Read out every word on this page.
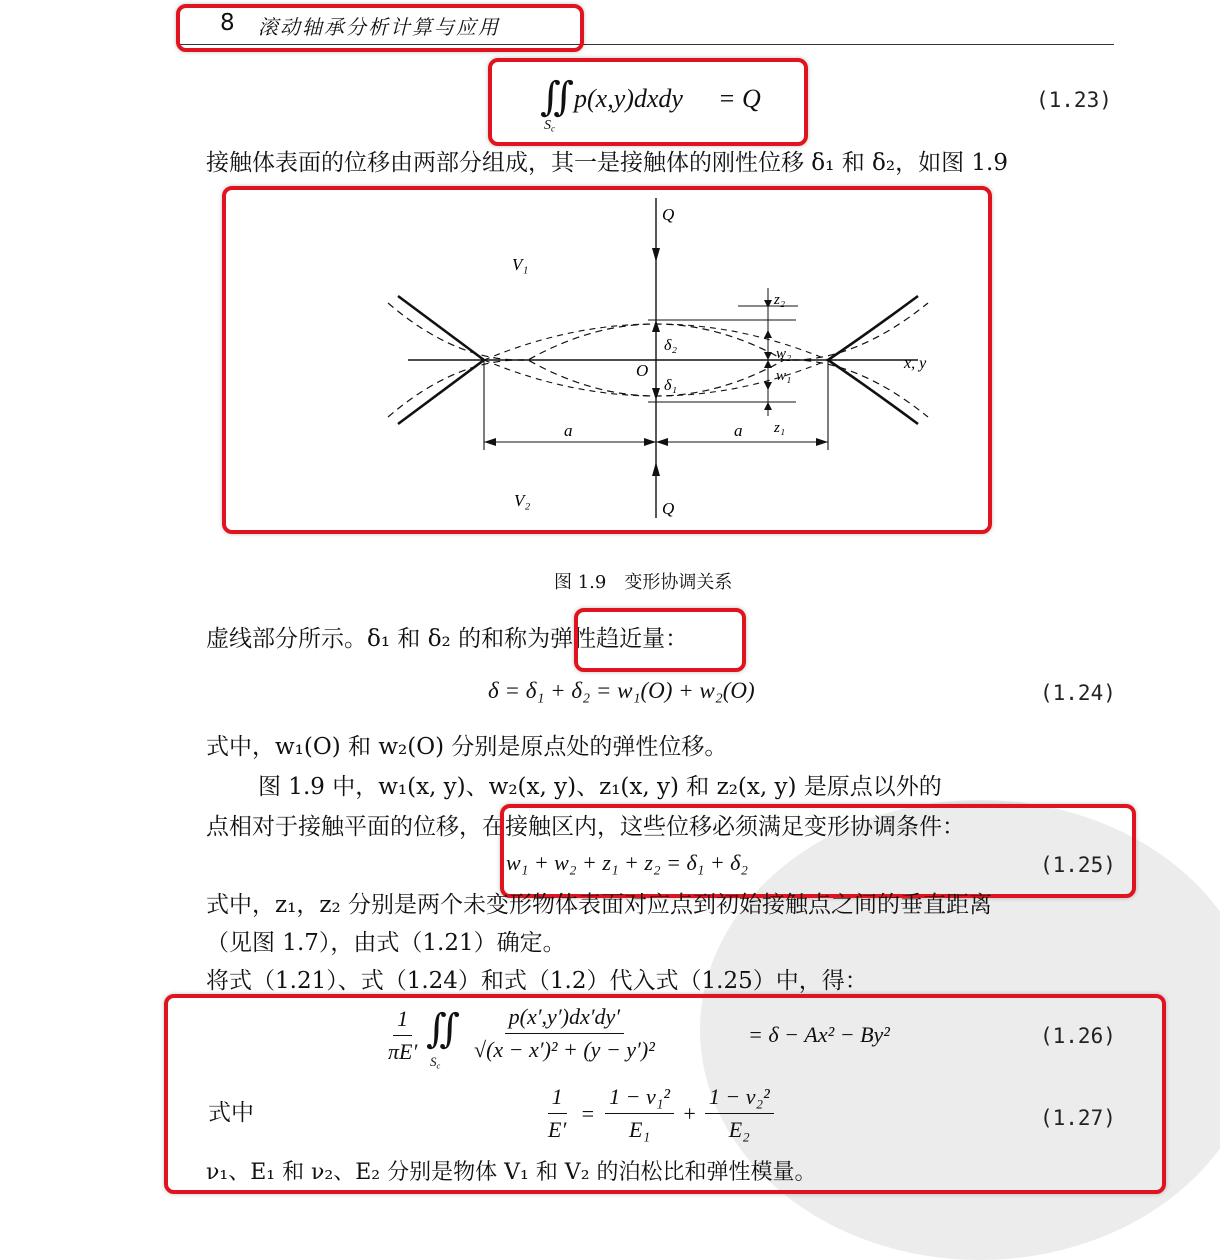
8 滚动轴承分析计算与应用
∬
$S_c$
p(x,y)dxdy = Q	(1.23)
接触体表面的位移由两部分组成，其一是接触体的刚性位移 δ₁ 和 δ₂，如图 1.9
Q
Q
V₁
V₂
O
δ₂
δ₁
w₂
w₁
z₂
z₁
x, y
a	a
图 1.9　变形协调关系
虚线部分所示。δ₁ 和 δ₂ 的和称为弹性趋近量：
δ = δ₁ + δ₂ = w₁(O) + w₂(O)	(1.24)
式中，w₁(O) 和 w₂(O) 分别是原点处的弹性位移。
图 1.9 中，w₁(x, y)、w₂(x, y)、z₁(x, y) 和 z₂(x, y) 是原点以外的
点相对于接触平面的位移，在接触区内，这些位移必须满足变形协调条件：
w₁ + w₂ + z₁ + z₂ = δ₁ + δ₂	(1.25)
式中，z₁，z₂ 分别是两个未变形物体表面对应点到初始接触点之间的垂直距离
（见图 1.7），由式（1.21）确定。
将式（1.21）、式（1.24）和式（1.2）代入式（1.25）中，得：
$\frac{1}{\pi E'}$ ∬
$S_c$
$\frac{p(x',y')dx'dy'}{\text{√(x − x′)² + (y − y′)²}}$	= δ − Ax² − By²	(1.26)
式中	$\frac{1}{E'} = \frac{\text{1 − ν₁²}}{\text{E₁}} + \frac{\text{1 − ν₂²}}{\text{E₂}}$	(1.27)
ν₁、E₁ 和 ν₂、E₂ 分别是物体 V₁ 和 V₂ 的泊松比和弹性模量。
